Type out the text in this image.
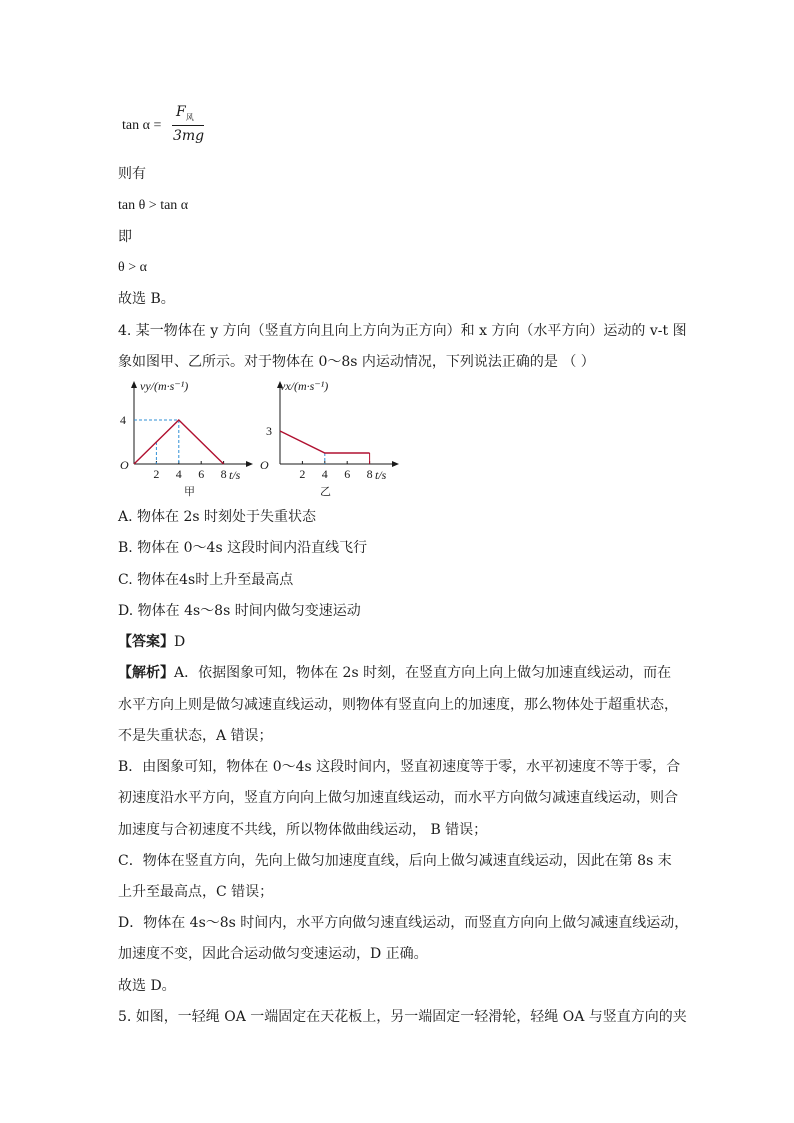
tan α =
$F_风$
3mg
则有
tan θ > tan α
即
θ > α
故选 B。
4. 某一物体在 y 方向（竖直方向且向上方向为正方向）和 x 方向（水平方向）运动的 v-t 图
象如图甲、乙所示。对于物体在 0～8s 内运动情况，下列说法正确的是 （ ）
2 4 6 8
4
vy/(m·s⁻¹)
O
t/s
甲
2 4 6 8
3
vx/(m·s⁻¹)
O
t/s
乙
A. 物体在 2s 时刻处于失重状态
B. 物体在 0～4s 这段时间内沿直线飞行
C. 物体在4s时上升至最高点
D. 物体在 4s～8s 时间内做匀变速运动
【答案】D
【解析】A．依据图象可知，物体在 2s 时刻，在竖直方向上向上做匀加速直线运动，而在
水平方向上则是做匀减速直线运动，则物体有竖直向上的加速度，那么物体处于超重状态，
不是失重状态，A 错误；
B．由图象可知，物体在 0～4s 这段时间内，竖直初速度等于零，水平初速度不等于零，合
初速度沿水平方向，竖直方向向上做匀加速直线运动，而水平方向做匀减速直线运动，则合
加速度与合初速度不共线，所以物体做曲线运动， B 错误；
C．物体在竖直方向，先向上做匀加速度直线，后向上做匀减速直线运动，因此在第 8s 末
上升至最高点，C 错误；
D．物体在 4s～8s 时间内，水平方向做匀速直线运动，而竖直方向向上做匀减速直线运动，
加速度不变，因此合运动做匀变速运动，D 正确。
故选 D。
5. 如图，一轻绳 OA 一端固定在天花板上，另一端固定一轻滑轮，轻绳 OA 与竖直方向的夹
